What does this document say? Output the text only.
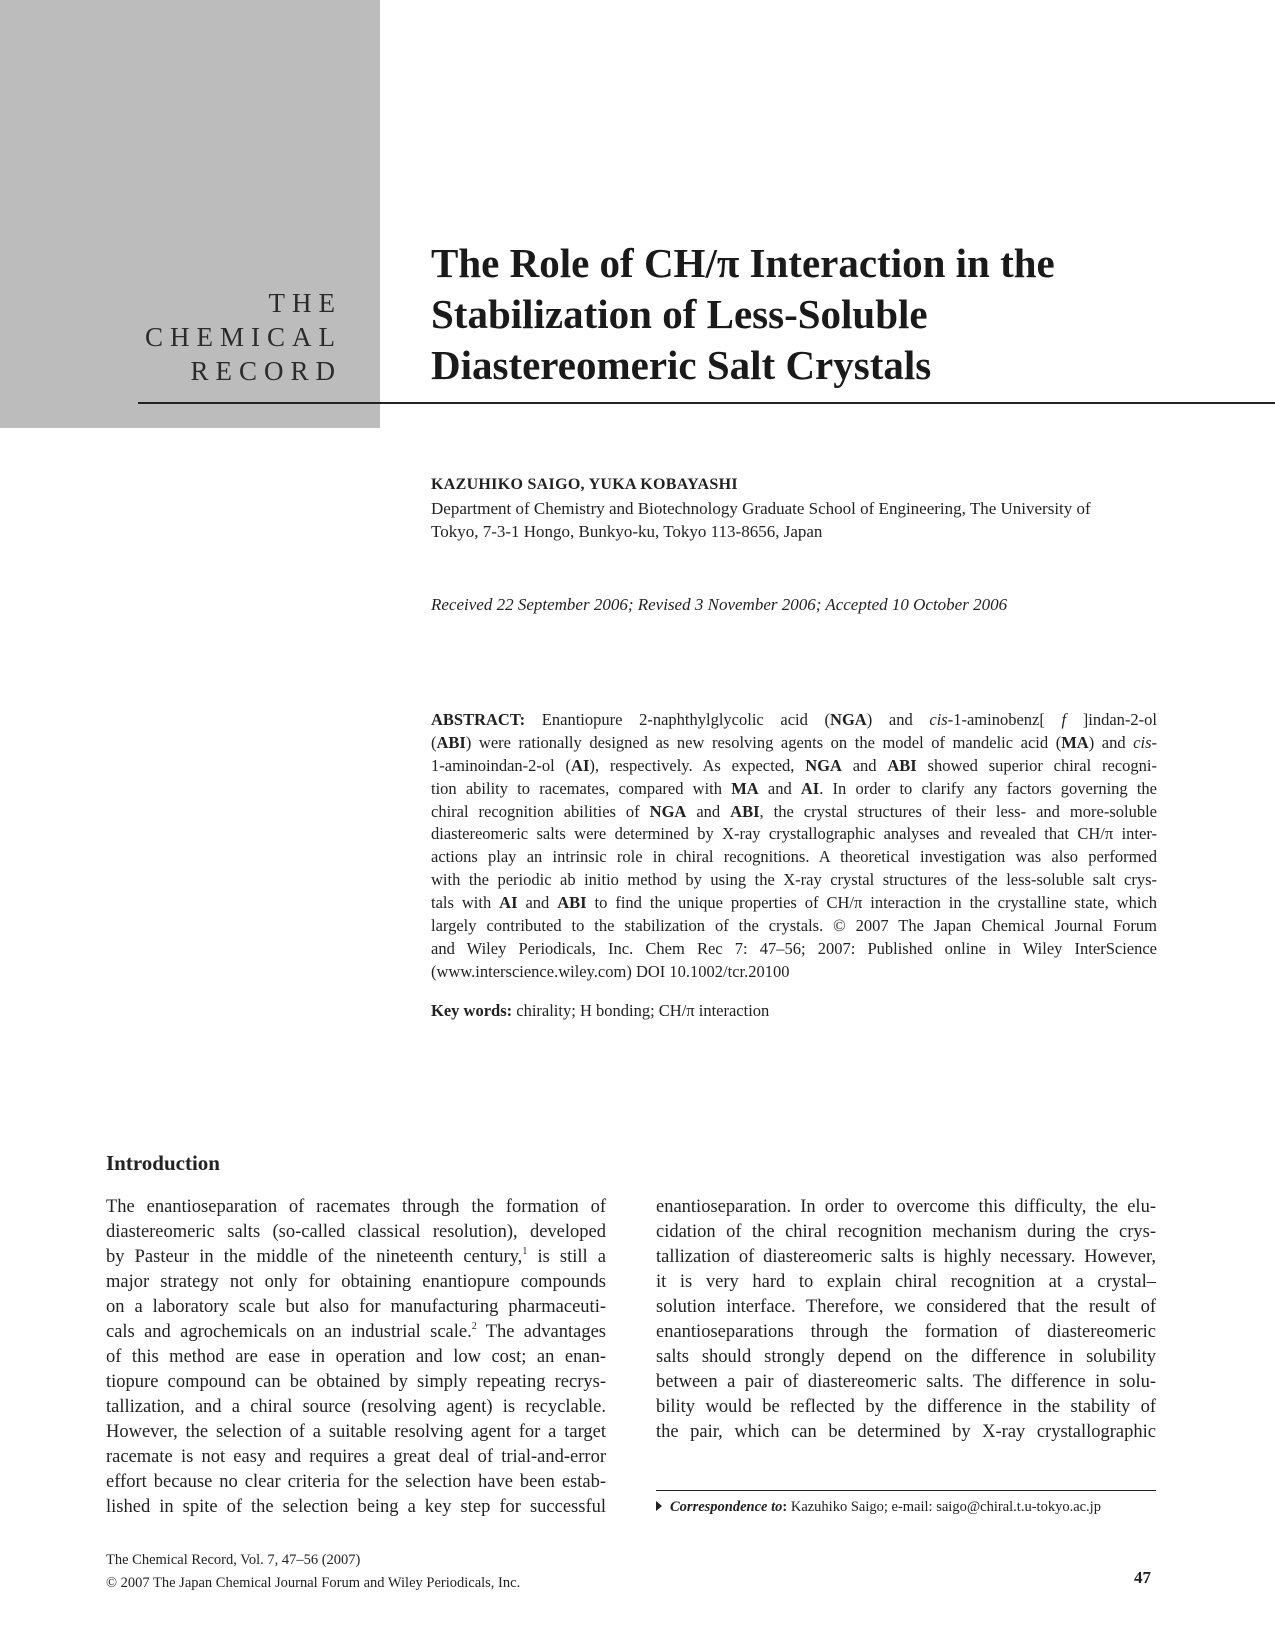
THE
CHEMICAL
RECORD
The Role of CH/π Interaction in the
Stabilization of Less-Soluble
Diastereomeric Salt Crystals
KAZUHIKO SAIGO, YUKA KOBAYASHI
Department of Chemistry and Biotechnology Graduate School of Engineering, The University of
Tokyo, 7-3-1 Hongo, Bunkyo-ku, Tokyo 113-8656, Japan
Received 22 September 2006; Revised 3 November 2006; Accepted 10 October 2006
ABSTRACT: Enantiopure 2-naphthylglycolic acid (NGA) and cis-1-aminobenz[ f ]indan-2-ol
(ABI) were rationally designed as new resolving agents on the model of mandelic acid (MA) and cis-
1-aminoindan-2-ol (AI), respectively. As expected, NGA and ABI showed superior chiral recogni-
tion ability to racemates, compared with MA and AI. In order to clarify any factors governing the
chiral recognition abilities of NGA and ABI, the crystal structures of their less- and more-soluble
diastereomeric salts were determined by X-ray crystallographic analyses and revealed that CH/π inter-
actions play an intrinsic role in chiral recognitions. A theoretical investigation was also performed
with the periodic ab initio method by using the X-ray crystal structures of the less-soluble salt crys-
tals with AI and ABI to find the unique properties of CH/π interaction in the crystalline state, which
largely contributed to the stabilization of the crystals. © 2007 The Japan Chemical Journal Forum
and Wiley Periodicals, Inc. Chem Rec 7: 47–56; 2007: Published online in Wiley InterScience
(www.interscience.wiley.com) DOI 10.1002/tcr.20100
Key words: chirality; H bonding; CH/π interaction
Introduction
The enantioseparation of racemates through the formation of
diastereomeric salts (so-called classical resolution), developed
by Pasteur in the middle of the nineteenth century,$^1$ is still a
major strategy not only for obtaining enantiopure compounds
on a laboratory scale but also for manufacturing pharmaceuti-
cals and agrochemicals on an industrial scale.$^2$ The advantages
of this method are ease in operation and low cost; an enan-
tiopure compound can be obtained by simply repeating recrys-
tallization, and a chiral source (resolving agent) is recyclable.
However, the selection of a suitable resolving agent for a target
racemate is not easy and requires a great deal of trial-and-error
effort because no clear criteria for the selection have been estab-
lished in spite of the selection being a key step for successful
enantioseparation. In order to overcome this difficulty, the elu-
cidation of the chiral recognition mechanism during the crys-
tallization of diastereomeric salts is highly necessary. However,
it is very hard to explain chiral recognition at a crystal–
solution interface. Therefore, we considered that the result of
enantioseparations through the formation of diastereomeric
salts should strongly depend on the difference in solubility
between a pair of diastereomeric salts. The difference in solu-
bility would be reflected by the difference in the stability of
the pair, which can be determined by X-ray crystallographic
Correspondence to: Kazuhiko Saigo; e-mail: saigo@chiral.t.u-tokyo.ac.jp
The Chemical Record, Vol. 7, 47–56 (2007)
© 2007 The Japan Chemical Journal Forum and Wiley Periodicals, Inc.	47
